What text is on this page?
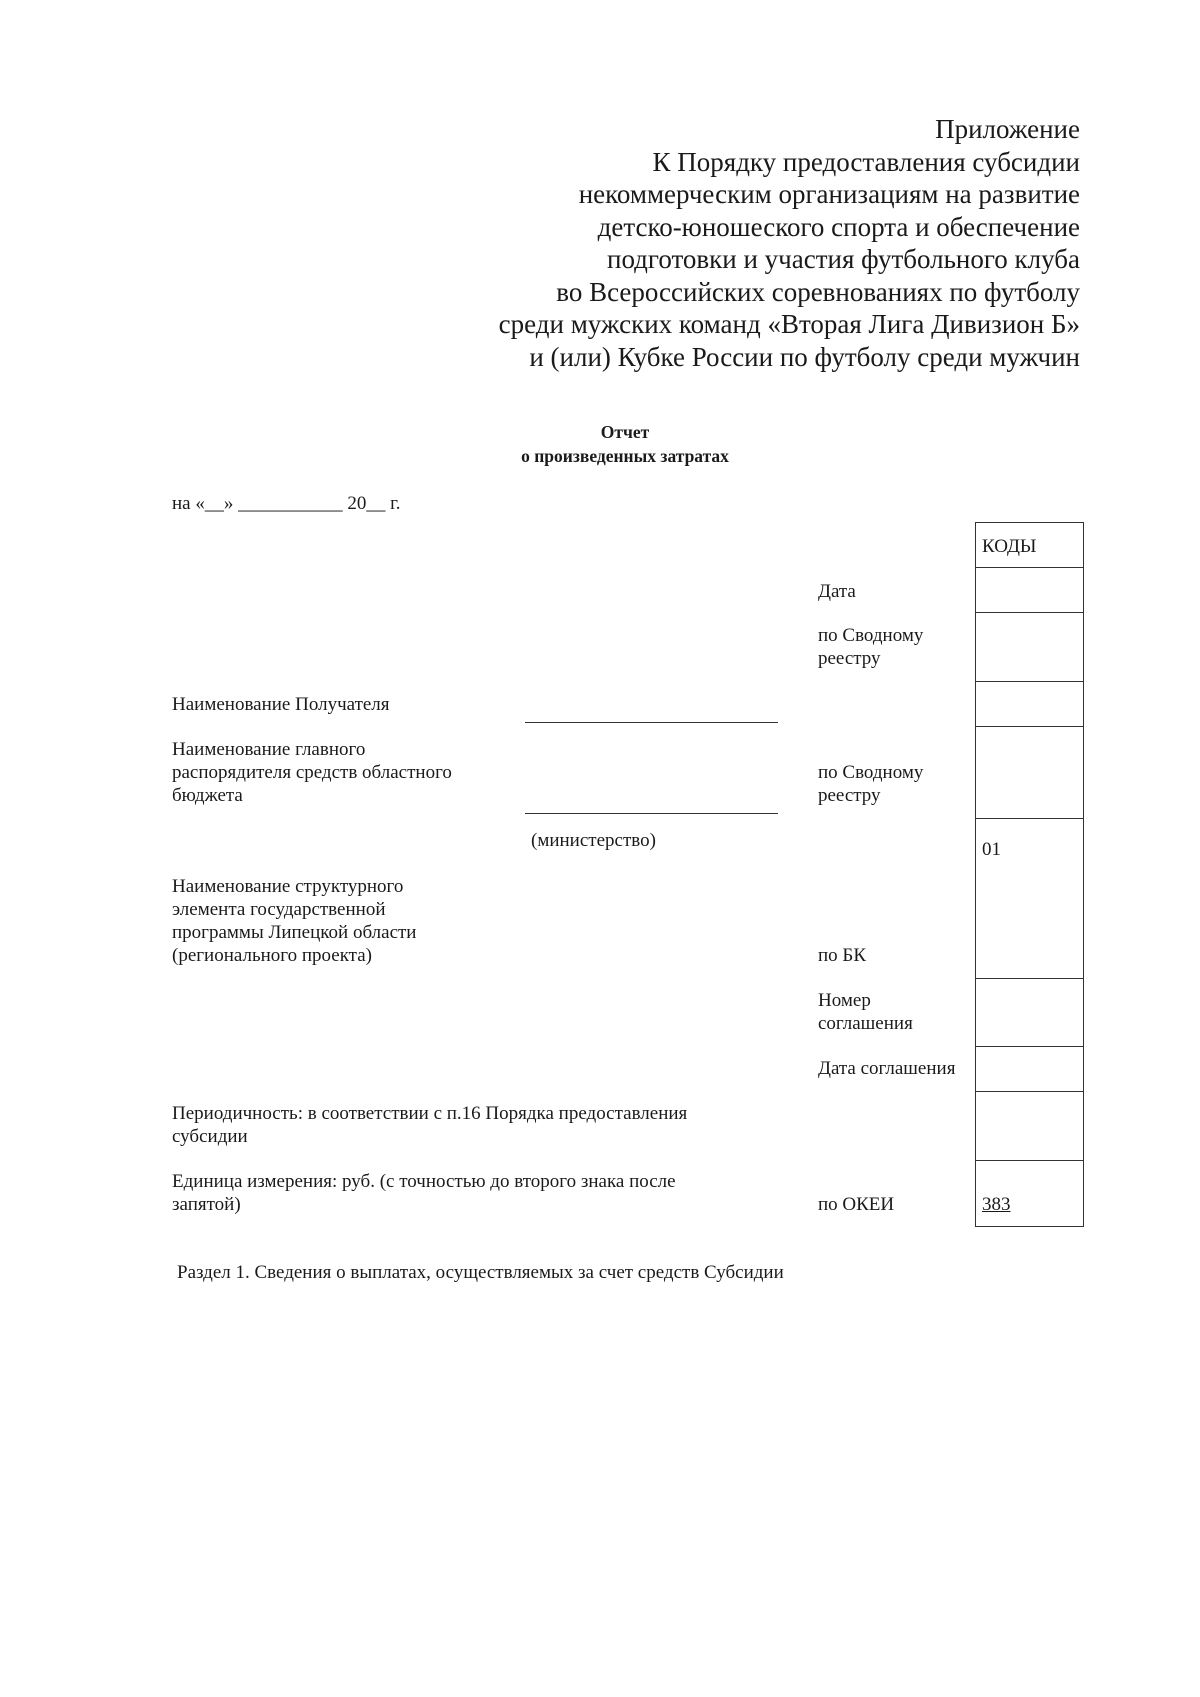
Приложение
К Порядку предоставления субсидии
некоммерческим организациям на развитие
детско-юношеского спорта и обеспечение
подготовки и участия футбольного клуба
во Всероссийских соревнованиях по футболу
среди мужских команд «Вторая Лига Дивизион Б»
и (или) Кубке России по футболу среди мужчин
Отчет
о произведенных затратах
на «__» ___________ 20__ г.
КОДЫ
01
383
Дата
по Сводному
реестру
по Сводному
реестру
по БК
Номер
соглашения
Дата соглашения
по ОКЕИ
Наименование Получателя
Наименование главного
распорядителя средств областного
бюджета
(министерство)
Наименование структурного
элемента государственной
программы Липецкой области
(регионального проекта)
Периодичность: в соответствии с п.16 Порядка предоставления
субсидии
Единица измерения: руб. (с точностью до второго знака после
запятой)
Раздел 1. Сведения о выплатах, осуществляемых за счет средств Субсидии
